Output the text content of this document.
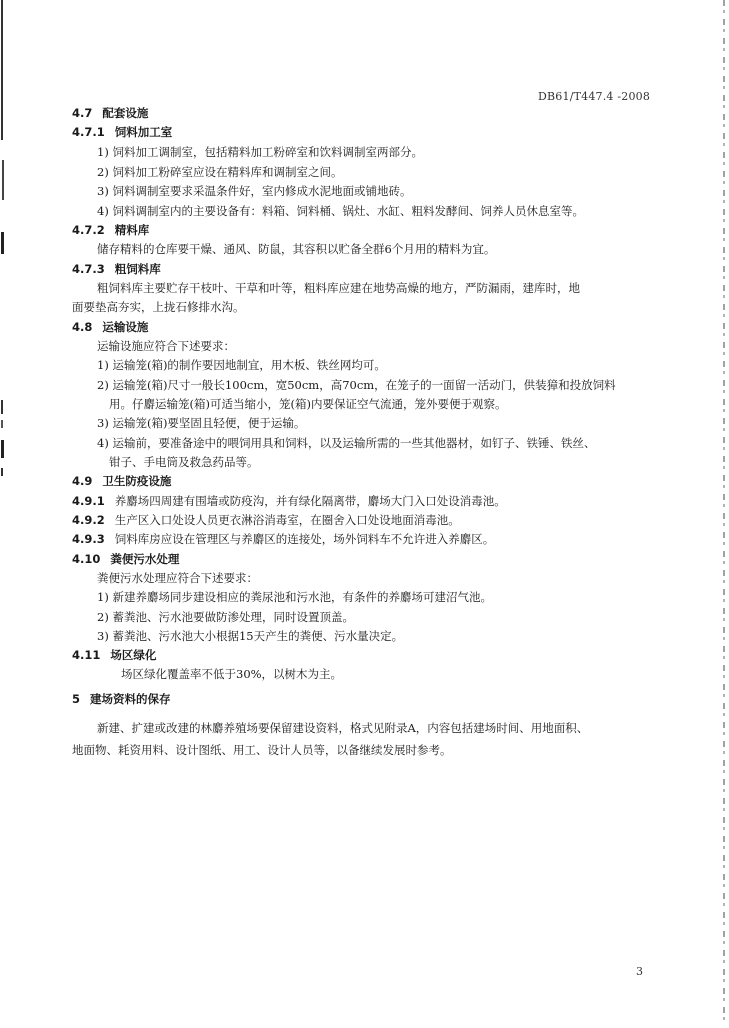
DB61/T447.4 -2008
4.7 配套设施
4.7.1 饲料加工室
1) 饲料加工调制室，包括精料加工粉碎室和饮料调制室两部分。
2) 饲料加工粉碎室应设在精料库和调制室之间。
3) 饲料调制室要求采温条件好，室内修成水泥地面或铺地砖。
4) 饲料调制室内的主要设备有：料箱、饲料桶、锅灶、水缸、粗料发酵间、饲养人员休息室等。
4.7.2 精料库
储存精料的仓库要干燥、通风、防鼠，其容积以贮备全群6个月用的精料为宜。
4.7.3 粗饲料库
粗饲料库主要贮存干枝叶、干草和叶等，粗料库应建在地势高燥的地方，严防漏雨，建库时，地
面要垫高夯实，上拢石修排水沟。
4.8 运输设施
运输设施应符合下述要求：
1) 运输笼(箱)的制作要因地制宜，用木板、铁丝网均可。
2) 运输笼(箱)尺寸一般长100cm，宽50cm，高70cm，在笼子的一面留一活动门，供装獐和投放饲料
用。仔麝运输笼(箱)可适当缩小，笼(箱)内要保证空气流通，笼外要便于观察。
3) 运输笼(箱)要坚固且轻便，便于运输。
4) 运输前，要准备途中的喂饲用具和饲料，以及运输所需的一些其他器材，如钉子、铁锤、铁丝、
钳子、手电筒及救急药品等。
4.9 卫生防疫设施
4.9.1 养麝场四周建有围墙或防疫沟，并有绿化隔离带，麝场大门入口处设消毒池。
4.9.2 生产区入口处设人员更衣淋浴消毒室，在圈舍入口处设地面消毒池。
4.9.3 饲料库房应设在管理区与养麝区的连接处，场外饲料车不允许进入养麝区。
4.10 粪便污水处理
粪便污水处理应符合下述要求：
1) 新建养麝场同步建设相应的粪尿池和污水池，有条件的养麝场可建沼气池。
2) 蓄粪池、污水池要做防渗处理，同时设置顶盖。
3) 蓄粪池、污水池大小根据15天产生的粪便、污水量决定。
4.11 场区绿化
场区绿化覆盖率不低于30%，以树木为主。
5 建场资料的保存
新建、扩建或改建的林麝养殖场要保留建设资料，格式见附录A，内容包括建场时间、用地面积、
地面物、耗资用料、设计图纸、用工、设计人员等，以备继续发展时参考。
3
